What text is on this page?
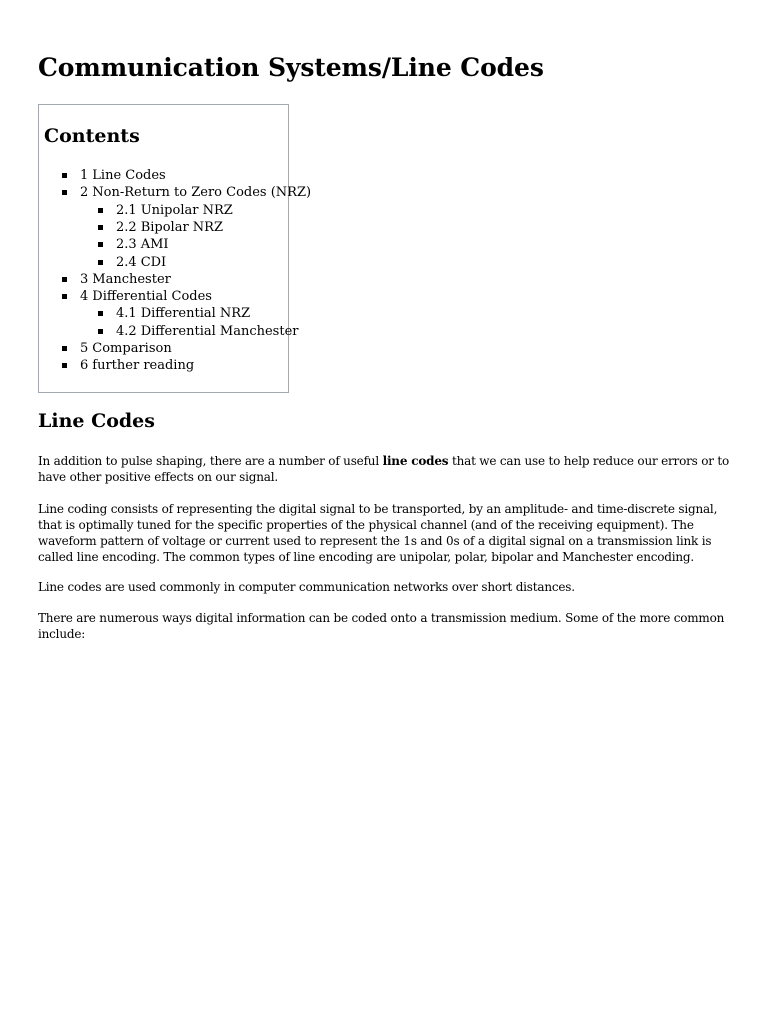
Communication Systems/Line Codes
Contents
1 Line Codes
2 Non-Return to Zero Codes (NRZ)
2.1 Unipolar NRZ
2.2 Bipolar NRZ
2.3 AMI
2.4 CDI
3 Manchester
4 Differential Codes
4.1 Differential NRZ
4.2 Differential Manchester
5 Comparison
6 further reading
Line Codes

In addition to pulse shaping, there are a number of useful line codes that we can use to help reduce our errors or to have other positive effects on our signal.

Line coding consists of representing the digital signal to be transported, by an amplitude- and time-discrete signal, that is optimally tuned for the specific properties of the physical channel (and of the receiving equipment). The waveform pattern of voltage or current used to represent the 1s and 0s of a digital signal on a transmission link is called line encoding. The common types of line encoding are unipolar, polar, bipolar and Manchester encoding.

Line codes are used commonly in computer communication networks over short distances.

There are numerous ways digital information can be coded onto a transmission medium. Some of the more common include:
